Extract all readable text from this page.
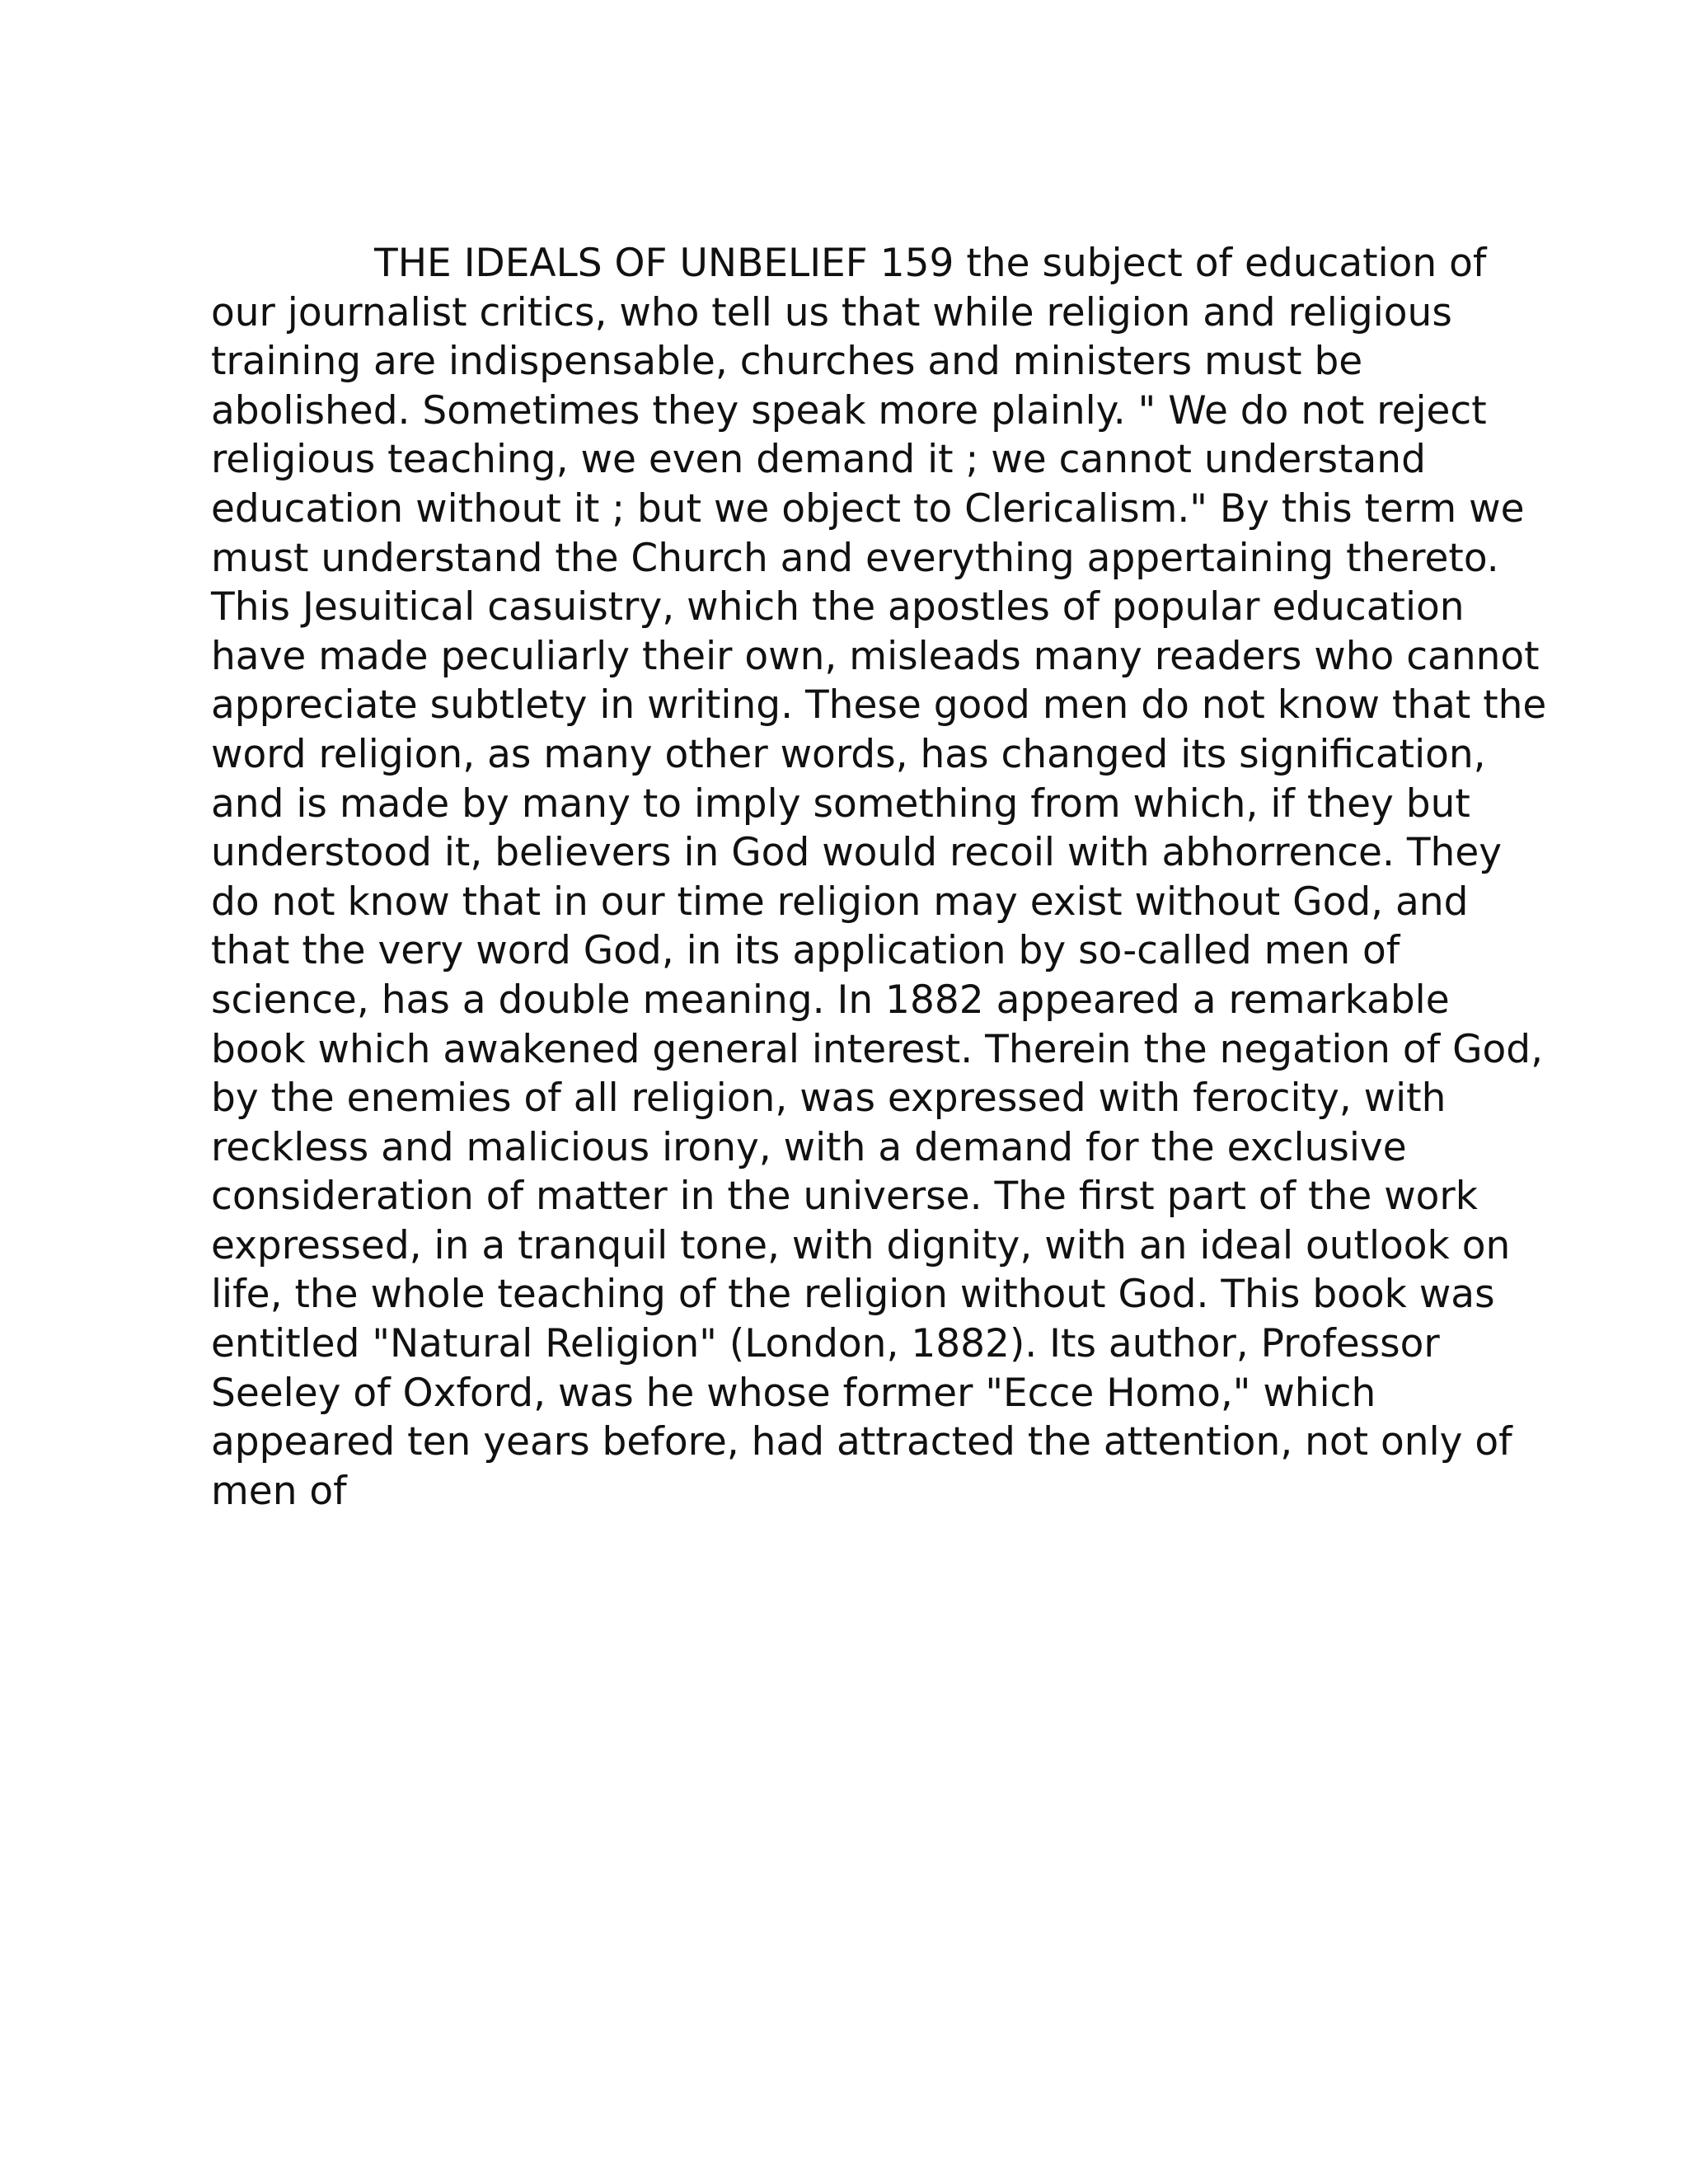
THE IDEALS OF UNBELIEF 159 the subject of education of
our journalist critics, who tell us that while religion and religious
training are indispensable, churches and ministers must be
abolished. Sometimes they speak more plainly. " We do not reject
religious teaching, we even demand it ; we cannot understand
education without it ; but we object to Clericalism." By this term we
must understand the Church and everything appertaining thereto.
This Jesuitical casuistry, which the apostles of popular education
have made peculiarly their own, misleads many readers who cannot
appreciate subtlety in writing. These good men do not know that the
word religion, as many other words, has changed its signification,
and is made by many to imply something from which, if they but
understood it, believers in God would recoil with abhorrence. They
do not know that in our time religion may exist without God, and
that the very word God, in its application by so-called men of
science, has a double meaning. In 1882 appeared a remarkable
book which awakened general interest. Therein the negation of God,
by the enemies of all religion, was expressed with ferocity, with
reckless and malicious irony, with a demand for the exclusive
consideration of matter in the universe. The first part of the work
expressed, in a tranquil tone, with dignity, with an ideal outlook on
life, the whole teaching of the religion without God. This book was
entitled "Natural Religion" (London, 1882). Its author, Professor
Seeley of Oxford, was he whose former "Ecce Homo," which
appeared ten years before, had attracted the attention, not only of
men of
